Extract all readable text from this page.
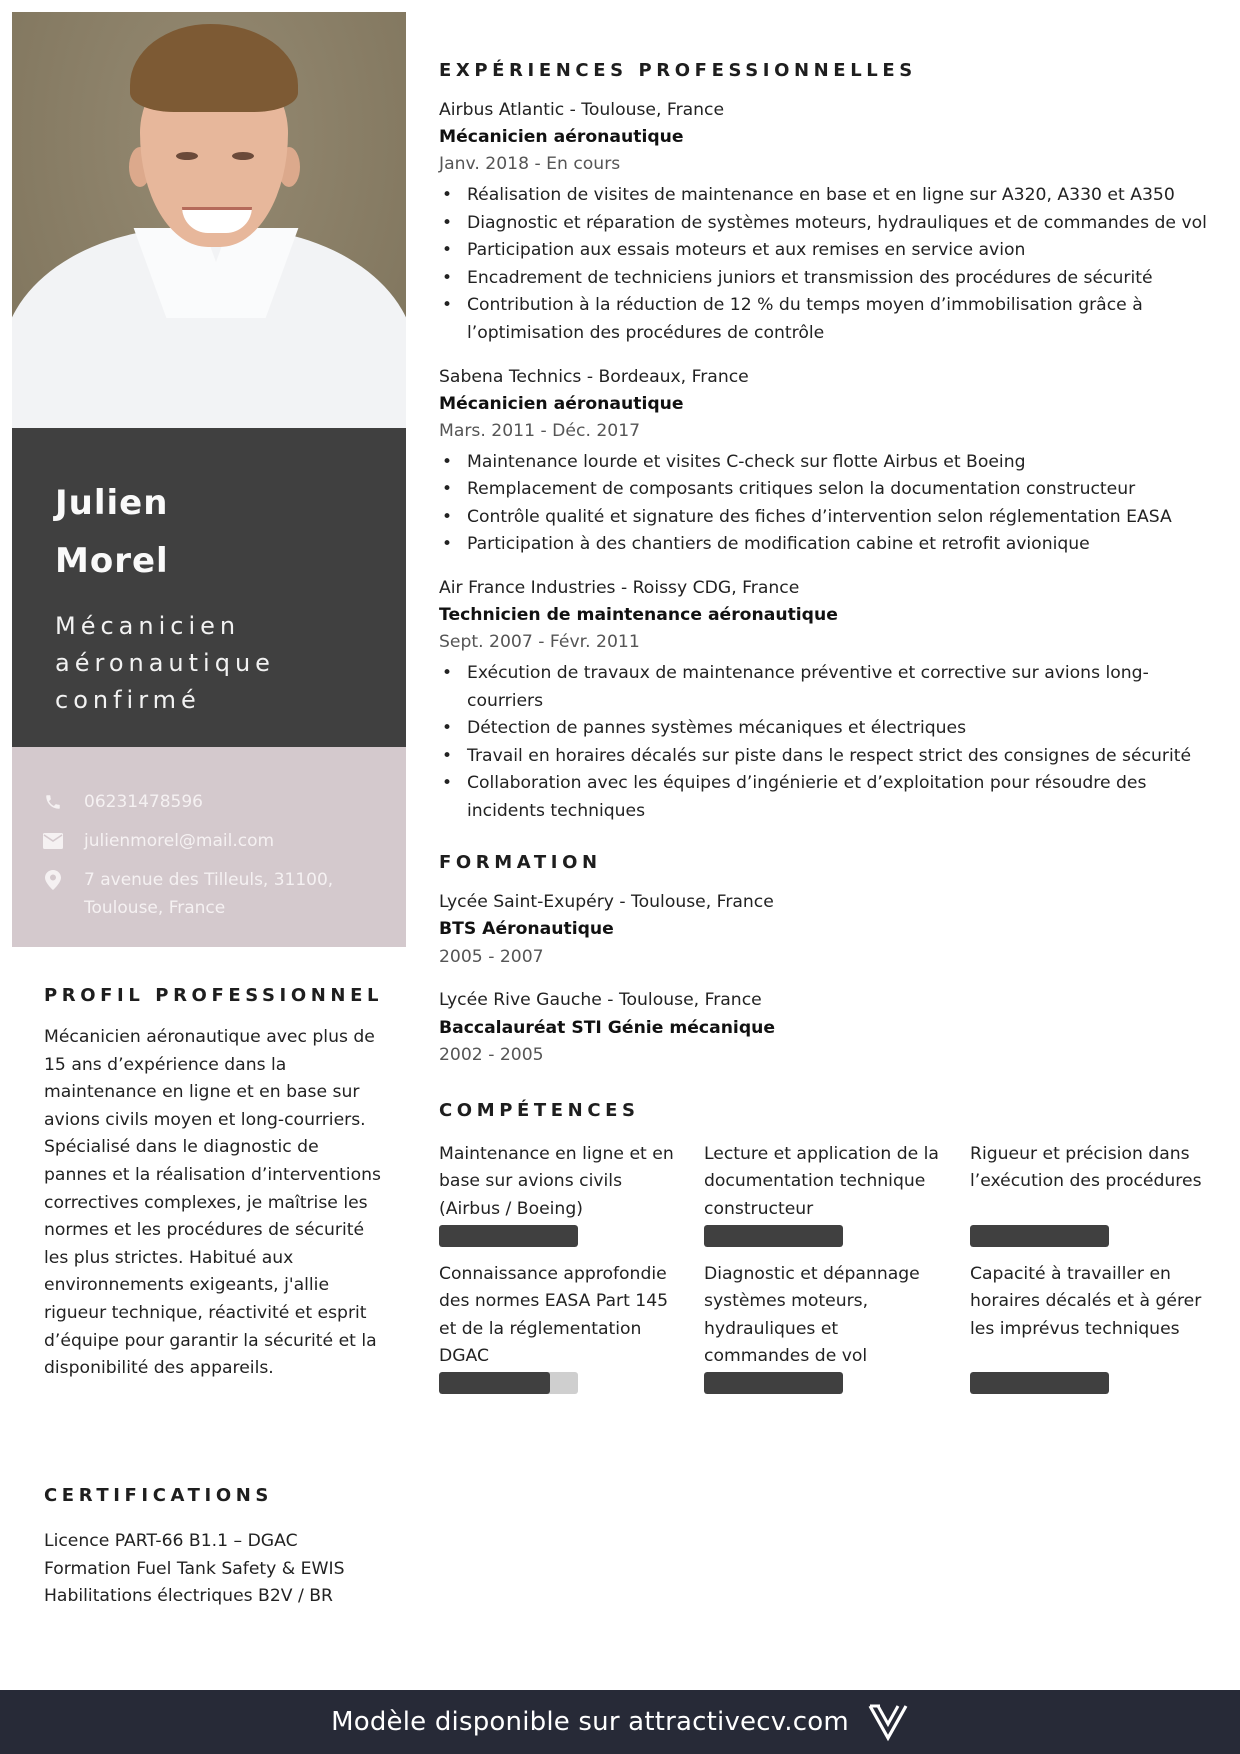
Julien
Morel
Mécanicien aéronautique confirmé
06231478596
julienmorel@mail.com
7 avenue des Tilleuls, 31100, Toulouse, France
PROFIL PROFESSIONNEL

Mécanicien aéronautique avec plus de 15 ans d’expérience dans la maintenance en ligne et en base sur avions civils moyen et long-courriers. Spécialisé dans le diagnostic de pannes et la réalisation d’interventions correctives complexes, je maîtrise les normes et les procédures de sécurité les plus strictes. Habitué aux environnements exigeants, j'allie rigueur technique, réactivité et esprit d’équipe pour garantir la sécurité et la disponibilité des appareils.

CERTIFICATIONS
Licence PART-66 B1.1 – DGAC
Formation Fuel Tank Safety & EWIS
Habilitations électriques B2V / BR
EXPÉRIENCES PROFESSIONNELLES
Airbus Atlantic - Toulouse, France
Mécanicien aéronautique
Janv. 2018 - En cours
• Réalisation de visites de maintenance en base et en ligne sur A320, A330 et A350
• Diagnostic et réparation de systèmes moteurs, hydrauliques et de commandes de vol
• Participation aux essais moteurs et aux remises en service avion
• Encadrement de techniciens juniors et transmission des procédures de sécurité
• Contribution à la réduction de 12 % du temps moyen d’immobilisation grâce à l’optimisation des procédures de contrôle
Sabena Technics - Bordeaux, France
Mécanicien aéronautique
Mars. 2011 - Déc. 2017
• Maintenance lourde et visites C-check sur flotte Airbus et Boeing
• Remplacement de composants critiques selon la documentation constructeur
• Contrôle qualité et signature des fiches d’intervention selon réglementation EASA
• Participation à des chantiers de modification cabine et retrofit avionique
Air France Industries - Roissy CDG, France
Technicien de maintenance aéronautique
Sept. 2007 - Févr. 2011
• Exécution de travaux de maintenance préventive et corrective sur avions long-courriers
• Détection de pannes systèmes mécaniques et électriques
• Travail en horaires décalés sur piste dans le respect strict des consignes de sécurité
• Collaboration avec les équipes d’ingénierie et d’exploitation pour résoudre des incidents techniques
FORMATION
Lycée Saint-Exupéry - Toulouse, France
BTS Aéronautique
2005 - 2007
Lycée Rive Gauche - Toulouse, France
Baccalauréat STI Génie mécanique
2002 - 2005
COMPÉTENCES
Maintenance en ligne et en base sur avions civils (Airbus / Boeing)
Lecture et application de la documentation technique constructeur
Rigueur et précision dans l’exécution des procédures
Connaissance approfondie des normes EASA Part 145 et de la réglementation DGAC
Diagnostic et dépannage systèmes moteurs, hydrauliques et commandes de vol
Capacité à travailler en horaires décalés et à gérer les imprévus techniques
Modèle disponible sur attractivecv.com
